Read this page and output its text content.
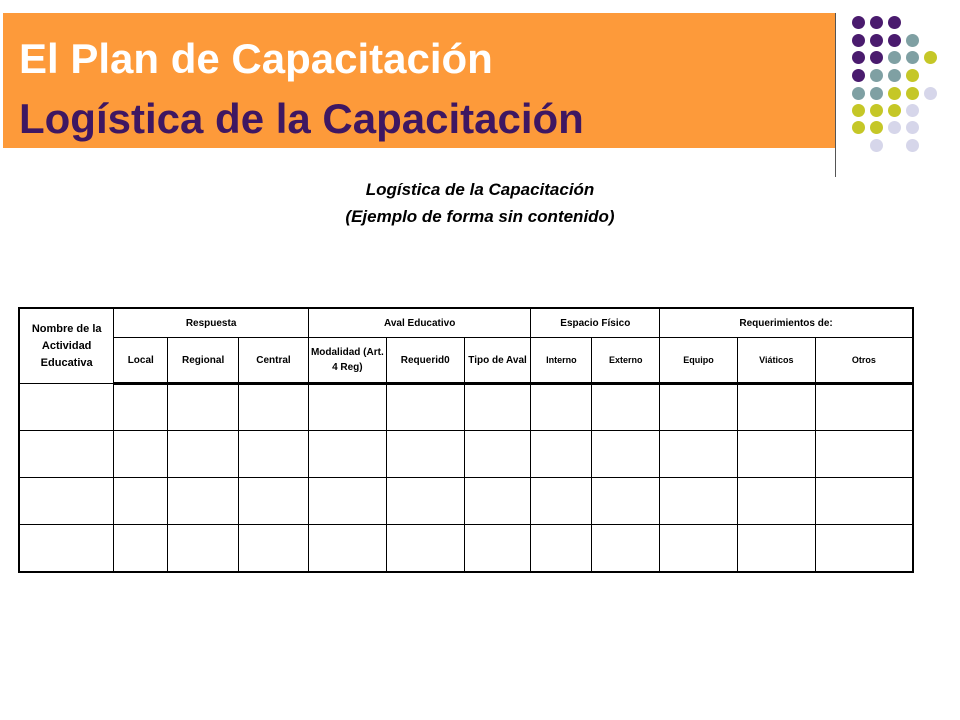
El Plan de Capacitación
Logística de la Capacitación
Logística de la Capacitación
(Ejemplo de forma sin contenido)
Nombre de la Actividad Educativa	Respuesta			Aval Educativo			Espacio Físico		Requerimientos de:		
	Local	Regional	Central	Modalidad (Art. 4 Reg)	Requerid0	Tipo de Aval	Interno	Externo	Equipo	Viáticos	Otros
